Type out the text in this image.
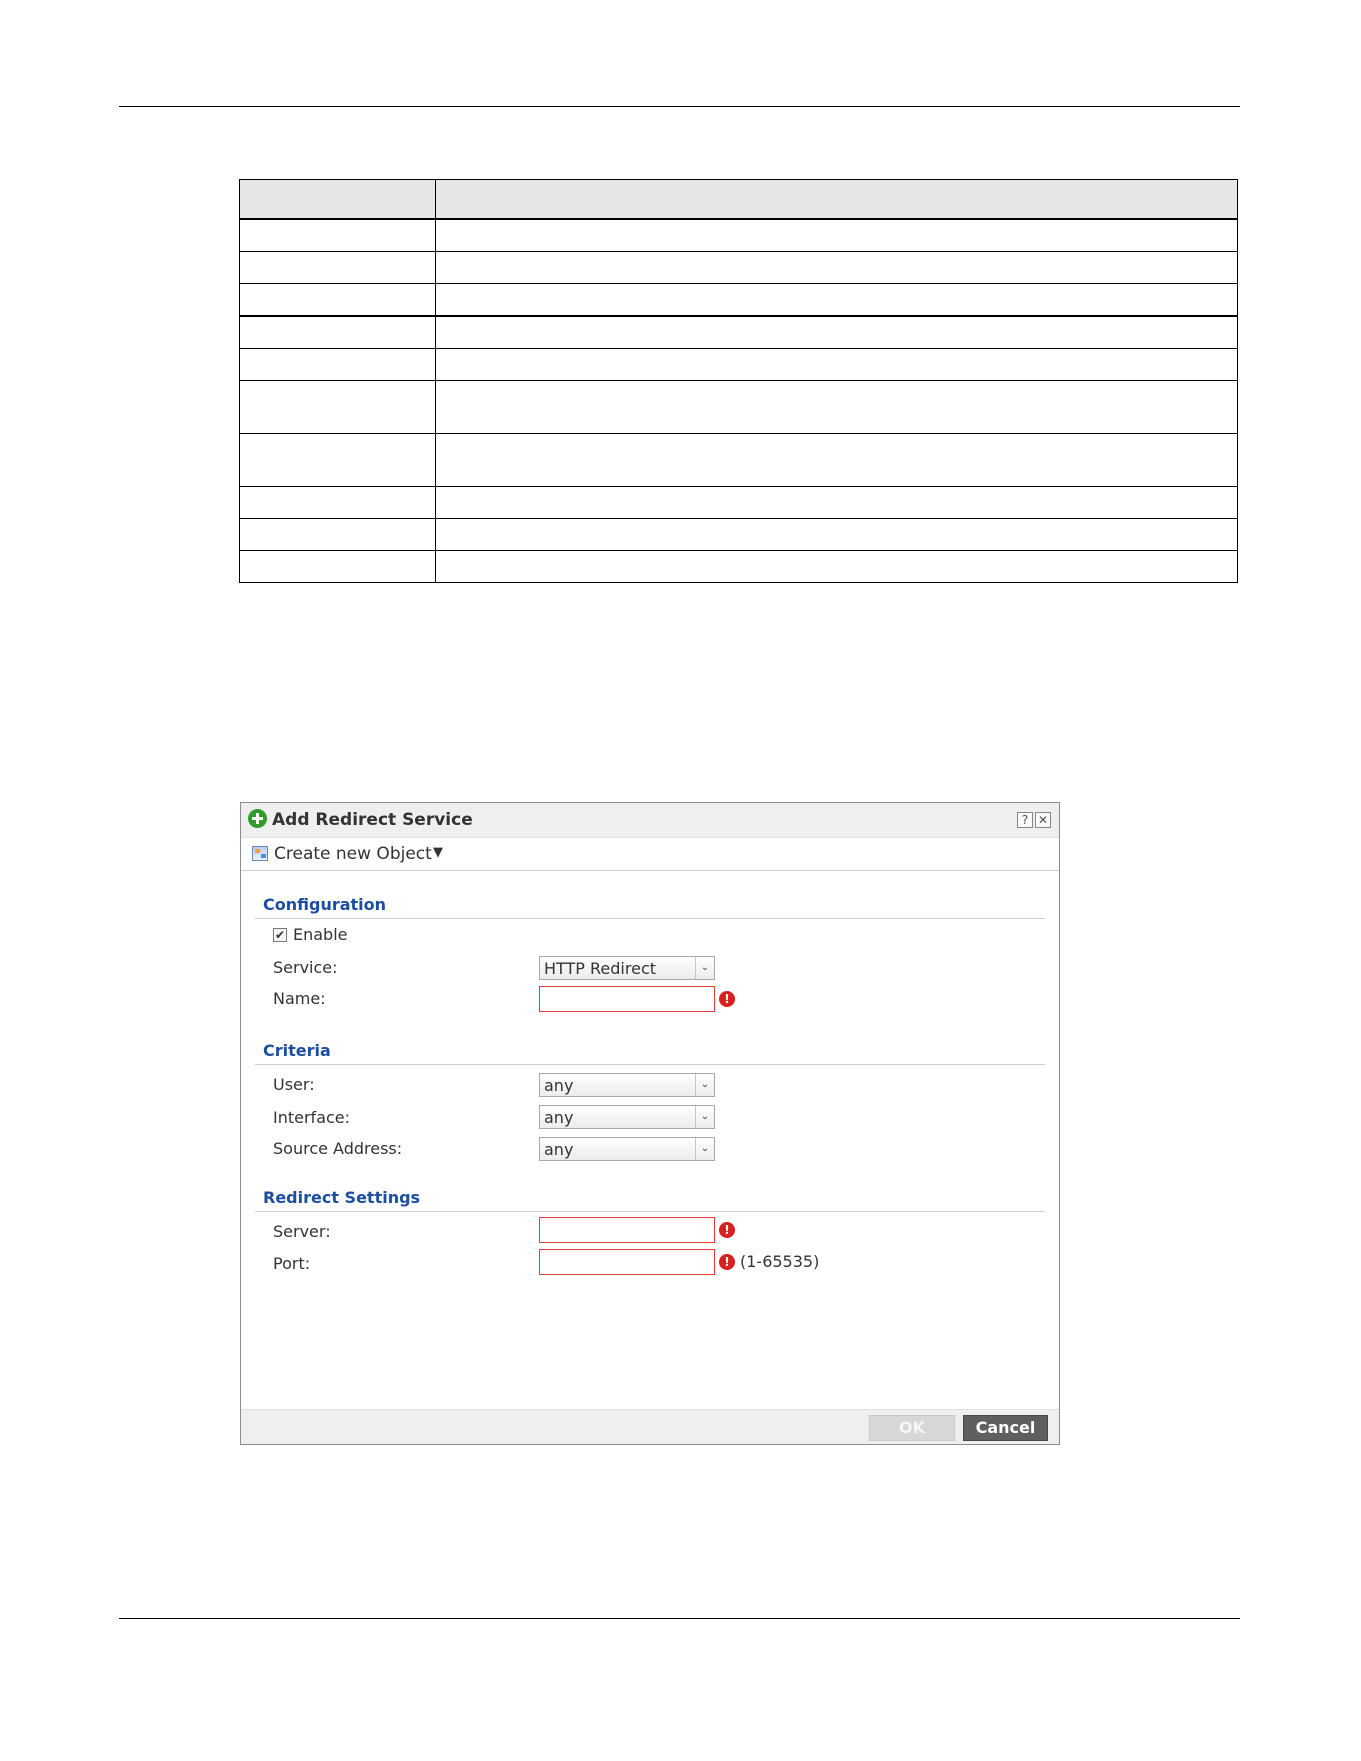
Add Redirect Service	? ✕
Create new Object ▼
Configuration
✔ Enable
Service:	HTTP Redirect	⌄
Name:	!
Criteria
User:	any	⌄
Interface:	any	⌄
Source Address:	any	⌄
Redirect Settings
Server:	!
Port:	! (1-65535)
OK	Cancel
